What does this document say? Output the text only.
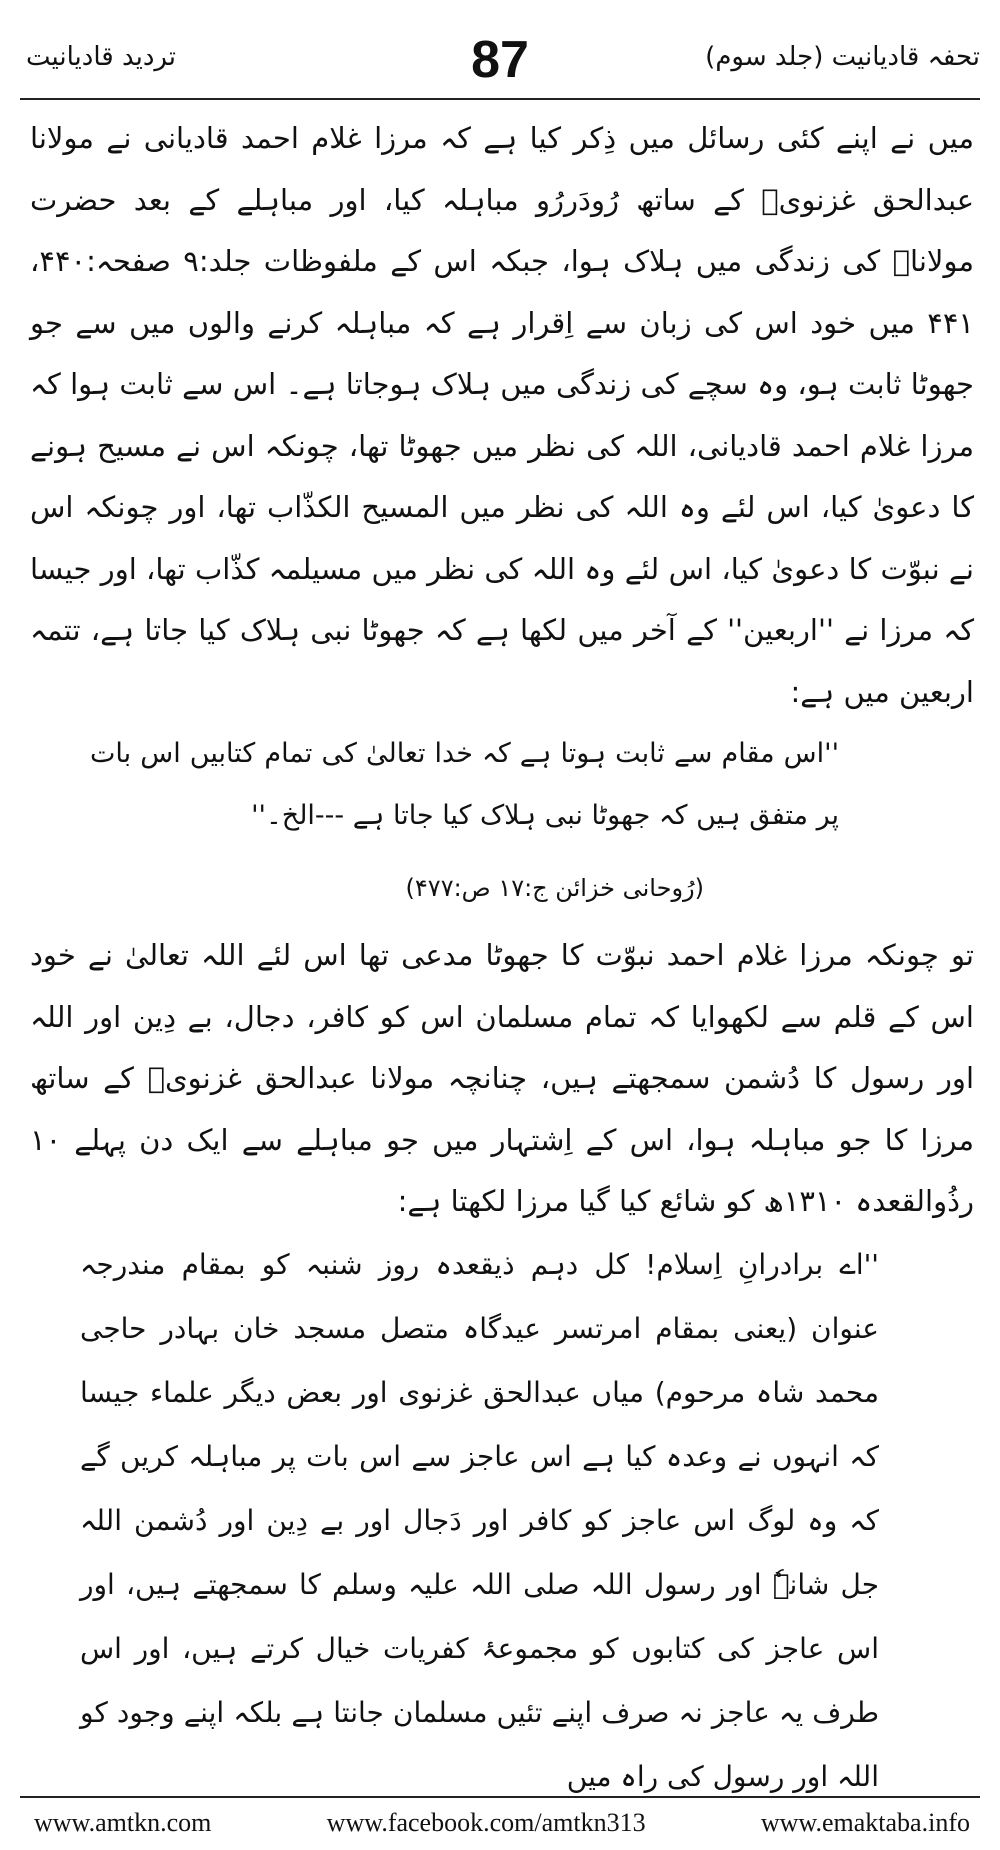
تردید قادیانیت	87	تحفہ قادیانیت (جلد سوم)

میں نے اپنے کئی رسائل میں ذِکر کیا ہے کہ مرزا غلام احمد قادیانی نے مولانا عبدالحق غزنویؒ کے ساتھ رُودَررُو مباہلہ کیا، اور مباہلے کے بعد حضرت مولاناؒ کی زندگی میں ہلاک ہوا، جبکہ اس کے ملفوظات جلد:۹ صفحہ:۴۴۰، ۴۴۱ میں خود اس کی زبان سے اِقرار ہے کہ مباہلہ کرنے والوں میں سے جو جھوٹا ثابت ہو، وہ سچے کی زندگی میں ہلاک ہوجاتا ہے۔ اس سے ثابت ہوا کہ مرزا غلام احمد قادیانی، اللہ کی نظر میں جھوٹا تھا، چونکہ اس نے مسیح ہونے کا دعویٰ کیا، اس لئے وہ اللہ کی نظر میں المسیح الکذّاب تھا، اور چونکہ اس نے نبوّت کا دعویٰ کیا، اس لئے وہ اللہ کی نظر میں مسیلمہ کذّاب تھا، اور جیسا کہ مرزا نے ''اربعین'' کے آخر میں لکھا ہے کہ جھوٹا نبی ہلاک کیا جاتا ہے، تتمہ اربعین میں ہے:

''اس مقام سے ثابت ہوتا ہے کہ خدا تعالیٰ کی تمام کتابیں اس بات پر متفق ہیں کہ جھوٹا نبی ہلاک کیا جاتا ہے ---الخ۔''

(رُوحانی خزائن ج:۱۷ ص:۴۷۷)

تو چونکہ مرزا غلام احمد نبوّت کا جھوٹا مدعی تھا اس لئے اللہ تعالیٰ نے خود اس کے قلم سے لکھوایا کہ تمام مسلمان اس کو کافر، دجال، بے دِین اور اللہ اور رسول کا دُشمن سمجھتے ہیں، چنانچہ مولانا عبدالحق غزنویؒ کے ساتھ مرزا کا جو مباہلہ ہوا، اس کے اِشتہار میں جو مباہلے سے ایک دن پہلے ۱۰ رذُوالقعدہ ۱۳۱۰ھ کو شائع کیا گیا مرزا لکھتا ہے:

''اے برادرانِ اِسلام! کل دہم ذیقعدہ روز شنبہ کو بمقام مندرجہ عنوان (یعنی بمقام امرتسر عیدگاہ متصل مسجد خان بہادر حاجی محمد شاہ مرحوم) میاں عبدالحق غزنوی اور بعض دیگر علماء جیسا کہ انہوں نے وعدہ کیا ہے اس عاجز سے اس بات پر مباہلہ کریں گے کہ وہ لوگ اس عاجز کو کافر اور دَجال اور بے دِین اور دُشمن اللہ جل شانہٗ اور رسول اللہ صلی اللہ علیہ وسلم کا سمجھتے ہیں، اور اس عاجز کی کتابوں کو مجموعۂ کفریات خیال کرتے ہیں، اور اس طرف یہ عاجز نہ صرف اپنے تئیں مسلمان جانتا ہے بلکہ اپنے وجود کو اللہ اور رسول کی راہ میں

www.amtkn.com	www.facebook.com/amtkn313	www.emaktaba.info
